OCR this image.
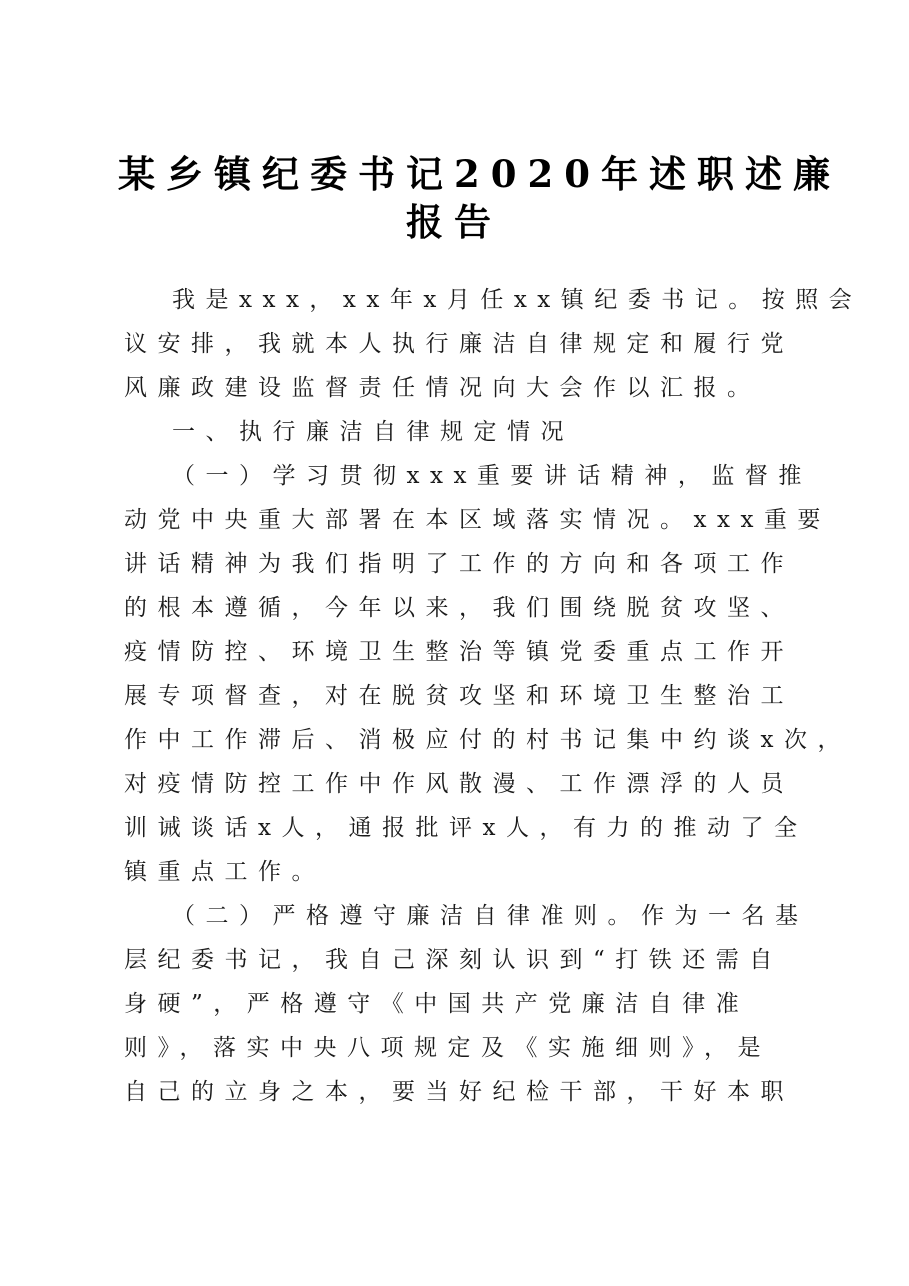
某乡镇纪委书记2020年述职述廉
报告

我是xxx，xx年x月任xx镇纪委书记。按照会
议安排，我就本人执行廉洁自律规定和履行党
风廉政建设监督责任情况向大会作以汇报。

一、执行廉洁自律规定情况

（一）学习贯彻xxx重要讲话精神，监督推
动党中央重大部署在本区域落实情况。xxx重要
讲话精神为我们指明了工作的方向和各项工作
的根本遵循，今年以来，我们围绕脱贫攻坚、
疫情防控、环境卫生整治等镇党委重点工作开
展专项督查，对在脱贫攻坚和环境卫生整治工
作中工作滞后、消极应付的村书记集中约谈x次，
对疫情防控工作中作风散漫、工作漂浮的人员
训诫谈话x人，通报批评x人，有力的推动了全
镇重点工作。

（二）严格遵守廉洁自律准则。作为一名基
层纪委书记，我自己深刻认识到“打铁还需自
身硬”，严格遵守《中国共产党廉洁自律准
则》，落实中央八项规定及《实施细则》，是
自己的立身之本，要当好纪检干部，干好本职
